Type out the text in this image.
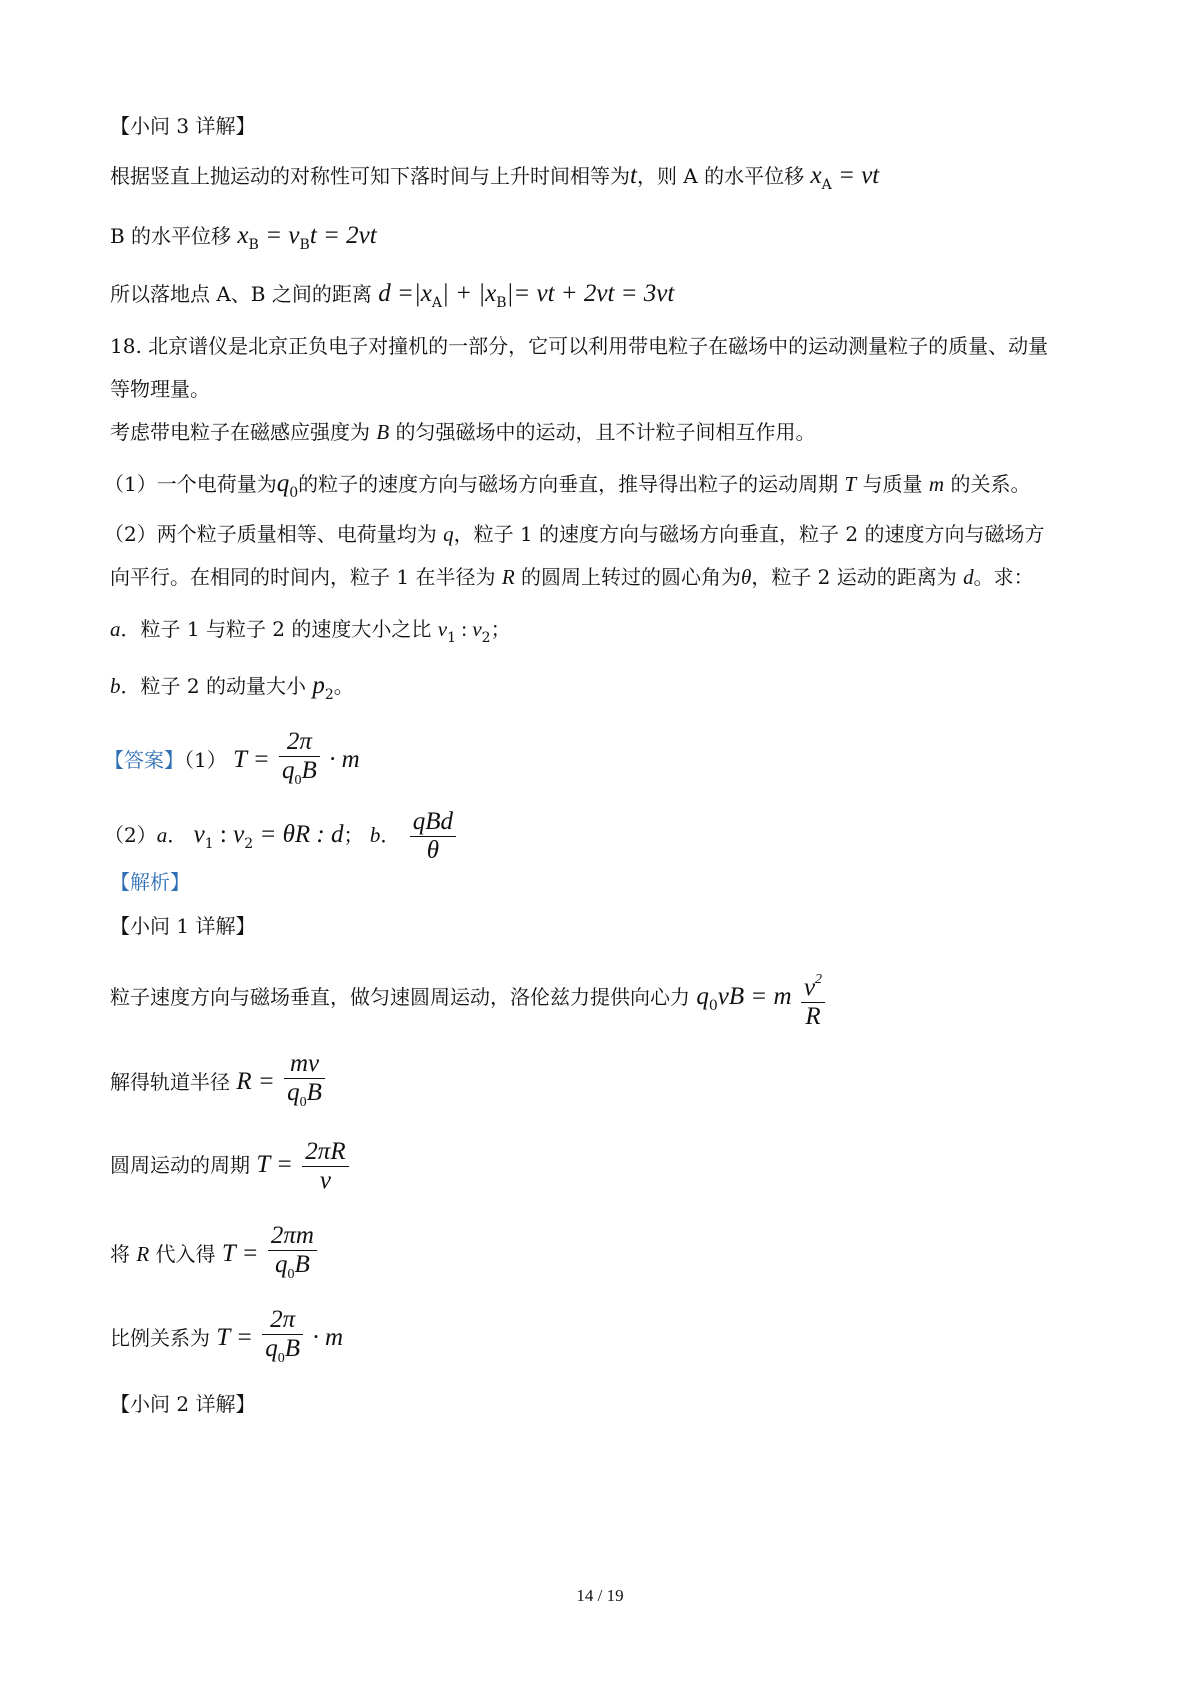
【小问 3 详解】
根据竖直上抛运动的对称性可知下落时间与上升时间相等为t，则 A 的水平位移 $x_A$ = vt
B 的水平位移 $x_B = v_Bt = 2vt$
所以落地点 A、B 之间的距离 $d =|x_A| + |x_B|=$ vt + 2vt = 3vt
18. 北京谱仪是北京正负电子对撞机的一部分，它可以利用带电粒子在磁场中的运动测量粒子的质量、动量
等物理量。
考虑带电粒子在磁感应强度为 B 的匀强磁场中的运动，且不计粒子间相互作用。
（1）一个电荷量为$q_0$的粒子的速度方向与磁场方向垂直，推导得出粒子的运动周期 T 与质量 m 的关系。
（2）两个粒子质量相等、电荷量均为 q，粒子 1 的速度方向与磁场方向垂直，粒子 2 的速度方向与磁场方
向平行。在相同的时间内，粒子 1 在半径为 R 的圆周上转过的圆心角为θ，粒子 2 运动的距离为 d。求：
a．粒子 1 与粒子 2 的速度大小之比 $v_1$ : $v_2$；
b．粒子 2 的动量大小 $p_2$。
【答案】（1） $T = \frac{2\pi}{q_0B} \cdot m$
（2）a． $v_1$ : $v_2 = \theta R$ : d； b． $\frac{\text{qBd}}{\theta}$
【解析】
【小问 1 详解】
粒子速度方向与磁场垂直，做匀速圆周运动，洛伦兹力提供向心力 $q_0vB = m \frac{v^2}{R}$
解得轨道半径 $R = \frac{mv}{q_0B}$
圆周运动的周期 $T = \frac{2\pi R}{v}$
将 R 代入得 $T = \frac{2\pi m}{q_0B}$
比例关系为 $T = \frac{2\pi}{q_0B} \cdot m$
【小问 2 详解】
14 / 19
